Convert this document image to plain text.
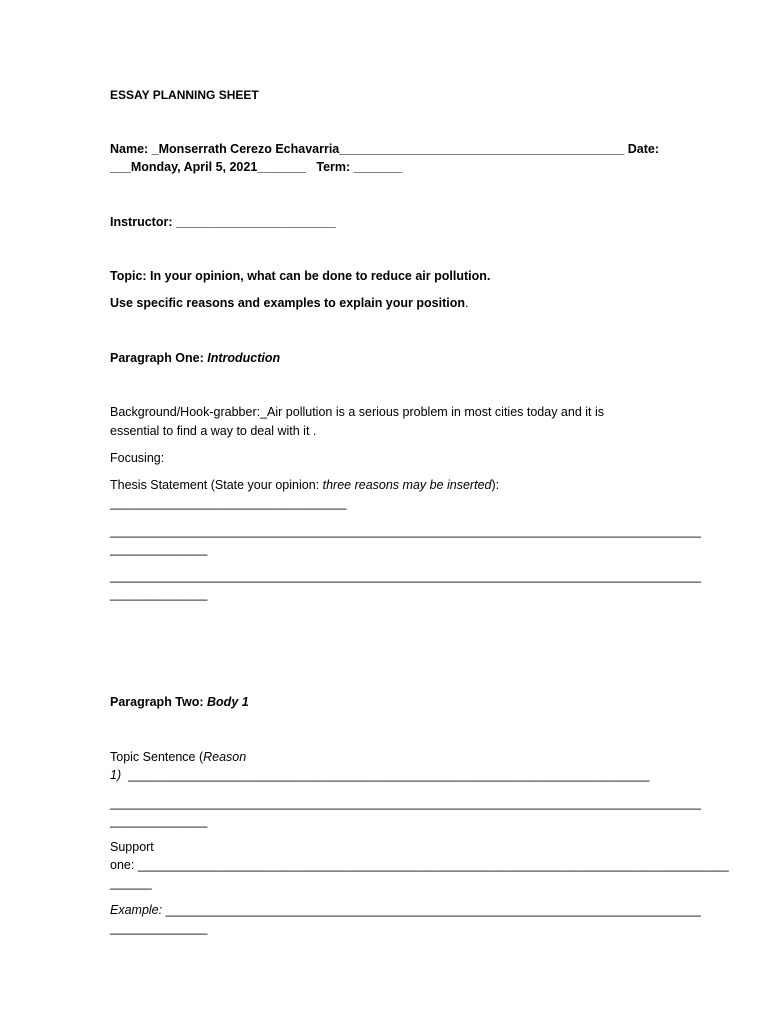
ESSAY PLANNING SHEET
Name: _Monserrath Cerezo Echavarria_________________________________________ Date:
___Monday, April 5, 2021_______   Term: _______
Instructor: _______________________
Topic: In your opinion, what can be done to reduce air pollution.
Use specific reasons and examples to explain your position.
Paragraph One: Introduction
Background/Hook-grabber:_Air pollution is a serious problem in most cities today and it is
essential to find a way to deal with it .
Focusing:
Thesis Statement (State your opinion: three reasons may be inserted):
__________________________________
_____________________________________________________________________________________
______________
_____________________________________________________________________________________
______________
Paragraph Two: Body 1
Topic Sentence (Reason
1)  ___________________________________________________________________________
_____________________________________________________________________________________
______________
Support
one: _____________________________________________________________________________________
______
Example: _____________________________________________________________________________
______________
